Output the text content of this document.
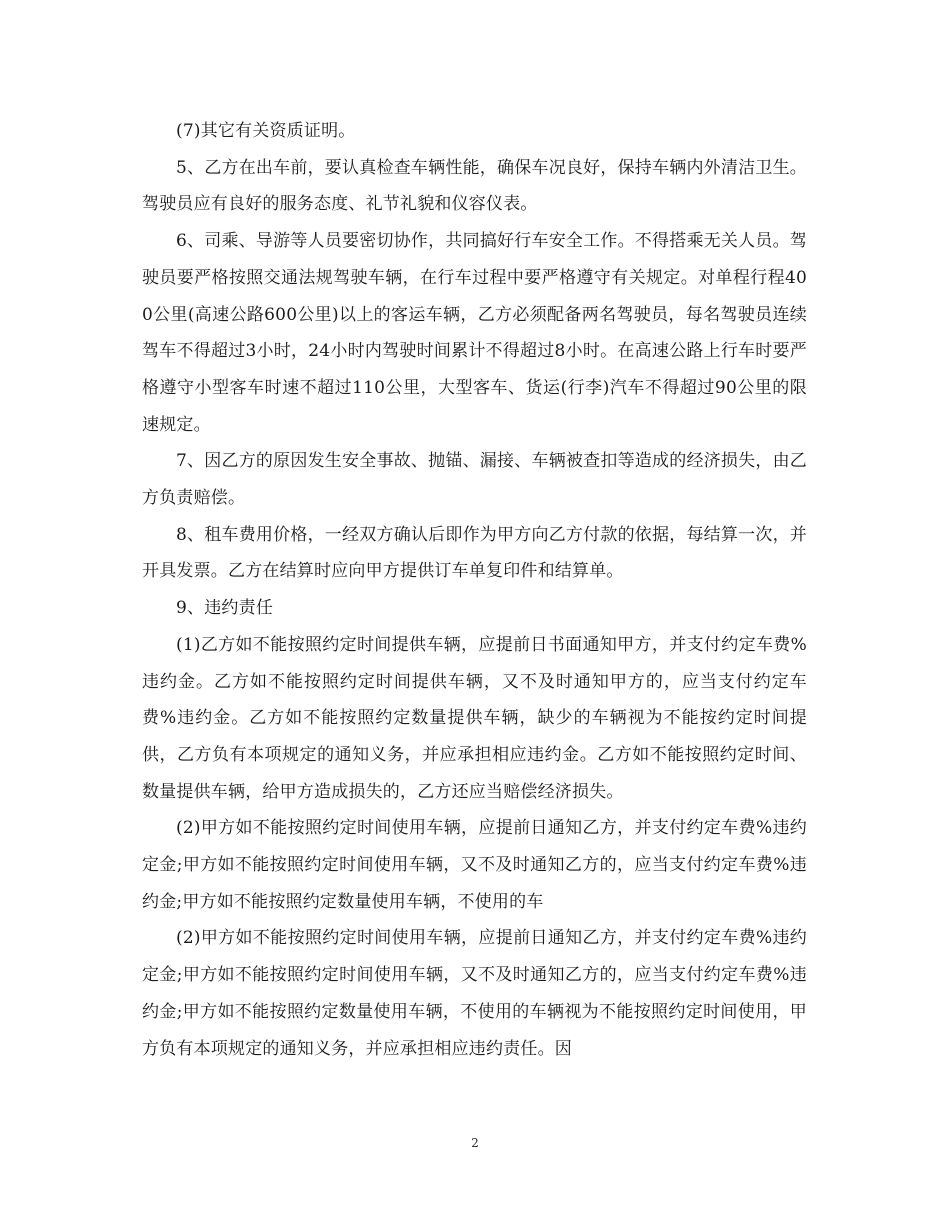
(7)其它有关资质证明。

5、乙方在出车前，要认真检查车辆性能，确保车况良好，保持车辆内外清洁卫生。驾驶员应有良好的服务态度、礼节礼貌和仪容仪表。

6、司乘、导游等人员要密切协作，共同搞好行车安全工作。不得搭乘无关人员。驾驶员要严格按照交通法规驾驶车辆，在行车过程中要严格遵守有关规定。对单程行程400公里(高速公路600公里)以上的客运车辆，乙方必须配备两名驾驶员，每名驾驶员连续驾车不得超过3小时，24小时内驾驶时间累计不得超过8小时。在高速公路上行车时要严格遵守小型客车时速不超过110公里，大型客车、货运(行李)汽车不得超过90公里的限速规定。

7、因乙方的原因发生安全事故、抛锚、漏接、车辆被查扣等造成的经济损失，由乙方负责赔偿。

8、租车费用价格，一经双方确认后即作为甲方向乙方付款的依据，每结算一次，并开具发票。乙方在结算时应向甲方提供订车单复印件和结算单。

9、违约责任

(1)乙方如不能按照约定时间提供车辆，应提前日书面通知甲方，并支付约定车费%违约金。乙方如不能按照约定时间提供车辆，又不及时通知甲方的，应当支付约定车费%违约金。乙方如不能按照约定数量提供车辆，缺少的车辆视为不能按约定时间提供，乙方负有本项规定的通知义务，并应承担相应违约金。乙方如不能按照约定时间、数量提供车辆，给甲方造成损失的，乙方还应当赔偿经济损失。

(2)甲方如不能按照约定时间使用车辆，应提前日通知乙方，并支付约定车费%违约定金;甲方如不能按照约定时间使用车辆，又不及时通知乙方的，应当支付约定车费%违约金;甲方如不能按照约定数量使用车辆，不使用的车

(2)甲方如不能按照约定时间使用车辆，应提前日通知乙方，并支付约定车费%违约定金;甲方如不能按照约定时间使用车辆，又不及时通知乙方的，应当支付约定车费%违约金;甲方如不能按照约定数量使用车辆，不使用的车辆视为不能按照约定时间使用，甲方负有本项规定的通知义务，并应承担相应违约责任。因

2
